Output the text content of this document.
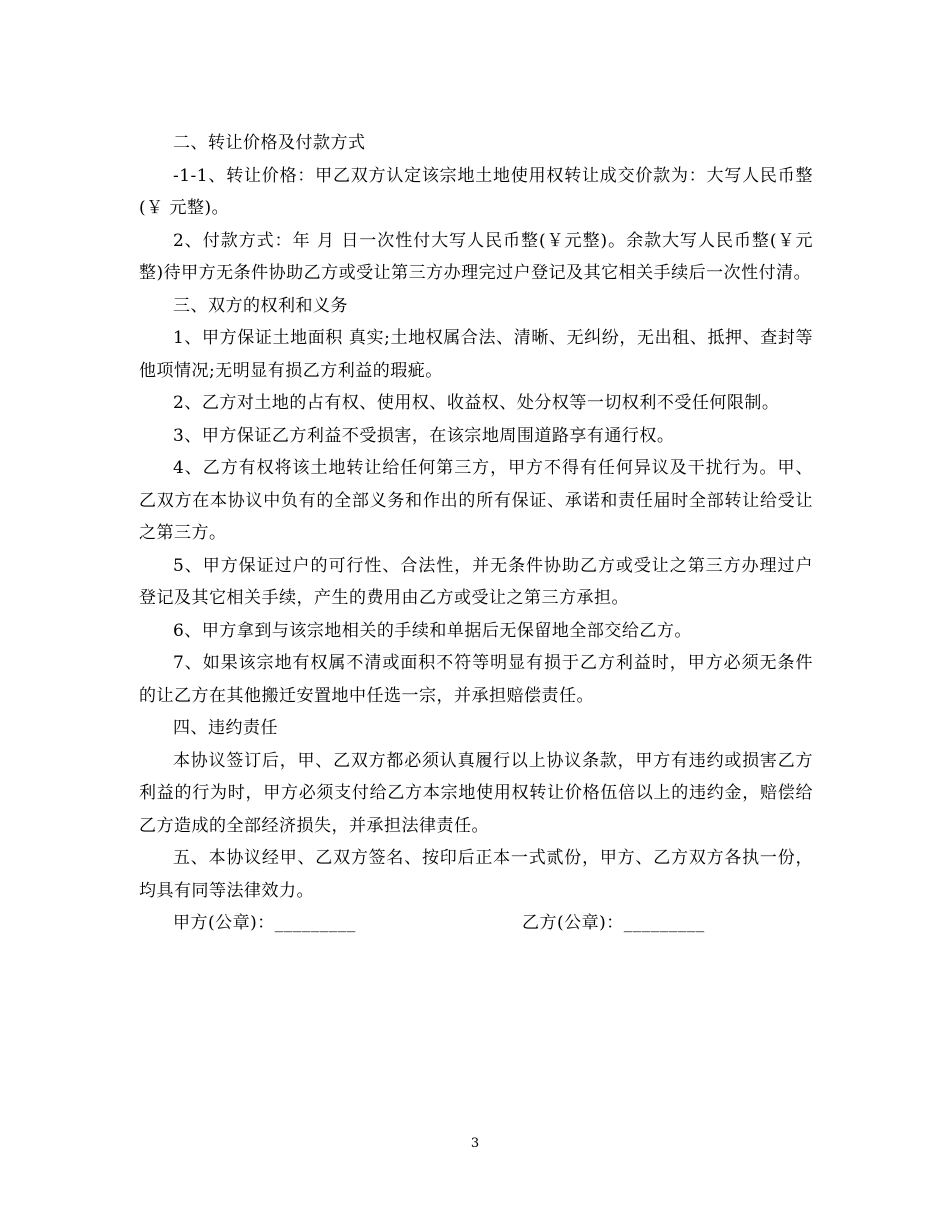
二、转让价格及付款方式

-1-1、转让价格：甲乙双方认定该宗地土地使用权转让成交价款为：大写人民币整(￥ 元整)。

2、付款方式：年 月 日一次性付大写人民币整(￥元整)。余款大写人民币整(￥元整)待甲方无条件协助乙方或受让第三方办理完过户登记及其它相关手续后一次性付清。

三、双方的权利和义务

1、甲方保证土地面积 真实;土地权属合法、清晰、无纠纷，无出租、抵押、查封等他项情况;无明显有损乙方利益的瑕疵。

2、乙方对土地的占有权、使用权、收益权、处分权等一切权利不受任何限制。

3、甲方保证乙方利益不受损害，在该宗地周围道路享有通行权。

4、乙方有权将该土地转让给任何第三方，甲方不得有任何异议及干扰行为。甲、乙双方在本协议中负有的全部义务和作出的所有保证、承诺和责任届时全部转让给受让之第三方。

5、甲方保证过户的可行性、合法性，并无条件协助乙方或受让之第三方办理过户登记及其它相关手续，产生的费用由乙方或受让之第三方承担。

6、甲方拿到与该宗地相关的手续和单据后无保留地全部交给乙方。

7、如果该宗地有权属不清或面积不符等明显有损于乙方利益时，甲方必须无条件的让乙方在其他搬迁安置地中任选一宗，并承担赔偿责任。

四、违约责任

本协议签订后，甲、乙双方都必须认真履行以上协议条款，甲方有违约或损害乙方利益的行为时，甲方必须支付给乙方本宗地使用权转让价格伍倍以上的违约金，赔偿给乙方造成的全部经济损失，并承担法律责任。

五、本协议经甲、乙双方签名、按印后正本一式贰份，甲方、乙方双方各执一份，均具有同等法律效力。

甲方(公章)：_________	乙方(公章)：_________
3
